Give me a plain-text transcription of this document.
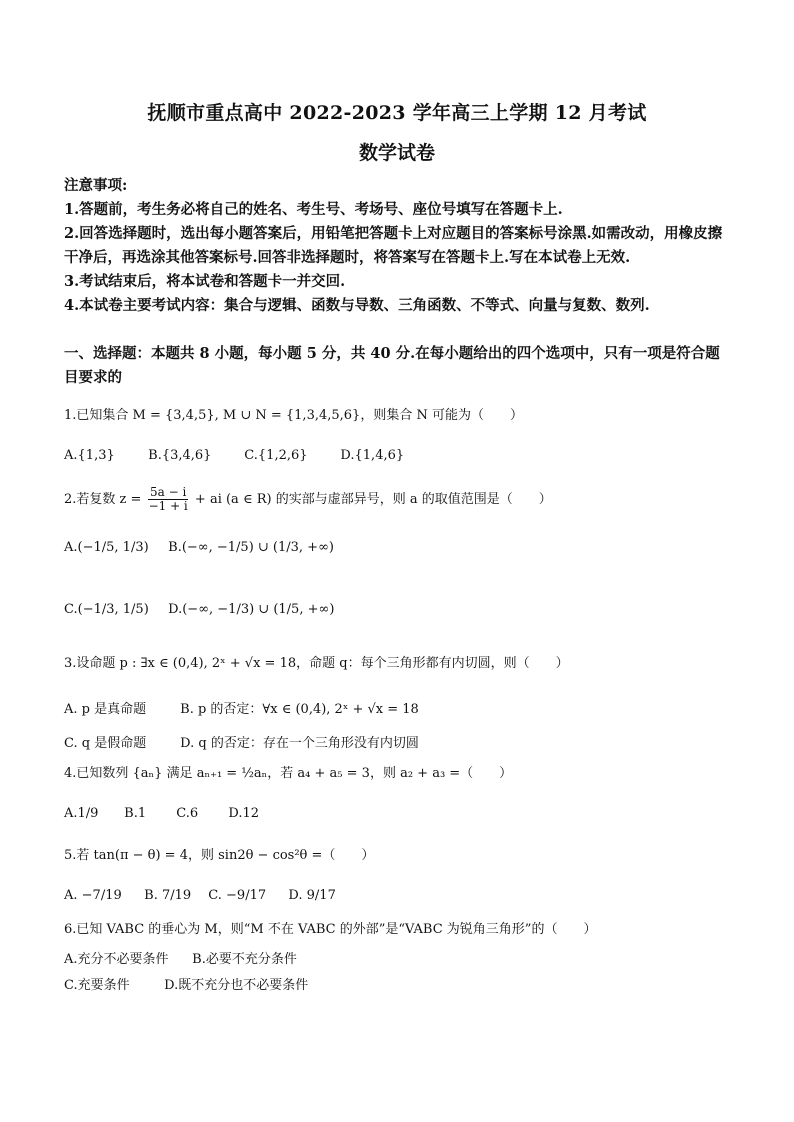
抚顺市重点高中 2022-2023 学年高三上学期 12 月考试
数学试卷
注意事项:
1.答题前，考生务必将自己的姓名、考生号、考场号、座位号填写在答题卡上.
2.回答选择题时，选出每小题答案后，用铅笔把答题卡上对应题目的答案标号涂黑.如需改动，用橡皮擦干净后，再选涂其他答案标号.回答非选择题时，将答案写在答题卡上.写在本试卷上无效.
3.考试结束后，将本试卷和答题卡一并交回.
4.本试卷主要考试内容：集合与逻辑、函数与导数、三角函数、不等式、向量与复数、数列.
一、选择题：本题共 8 小题，每小题 5 分，共 40 分.在每小题给出的四个选项中，只有一项是符合题目要求的
1.已知集合 M = {3,4,5}, M ∪ N = {1,3,4,5,6}，则集合 N 可能为（　　）
A.{1,3}	B.{3,4,6}	C.{1,2,6}	D.{1,4,6}
2.若复数 $z = \frac{5a - i}{-1 + i}$ + ai (a ∈ R) 的实部与虚部异号，则 a 的取值范围是（　　）
A.(−1/5, 1/3) B.(−∞, −1/5) ∪ (1/3, +∞)
C.(−1/3, 1/5) D.(−∞, −1/3) ∪ (1/5, +∞)
3.设命题 p : ∃x ∈ (0,4), 2ˣ + √x = 18，命题 q：每个三角形都有内切圆，则（　　）
A. p 是真命题	B. p 的否定：∀x ∈ (0,4), 2ˣ + √x = 18
C. q 是假命题	D. q 的否定：存在一个三角形没有内切圆
4.已知数列 {aₙ} 满足 aₙ₊₁ = ½aₙ，若 a₄ + a₅ = 3，则 a₂ + a₃ =（　　）
A.1/9 B.1 C.6 D.12
5.若 tan(π − θ) = 4，则 sin2θ − cos²θ =（　　）
A. −7/19 B. 7/19 C. −9/17 D. 9/17
6.已知 VABC 的垂心为 M，则“M 不在 VABC 的外部”是“VABC 为锐角三角形”的（　　）
A.充分不必要条件 B.必要不充分条件
C.充要条件	D.既不充分也不必要条件
